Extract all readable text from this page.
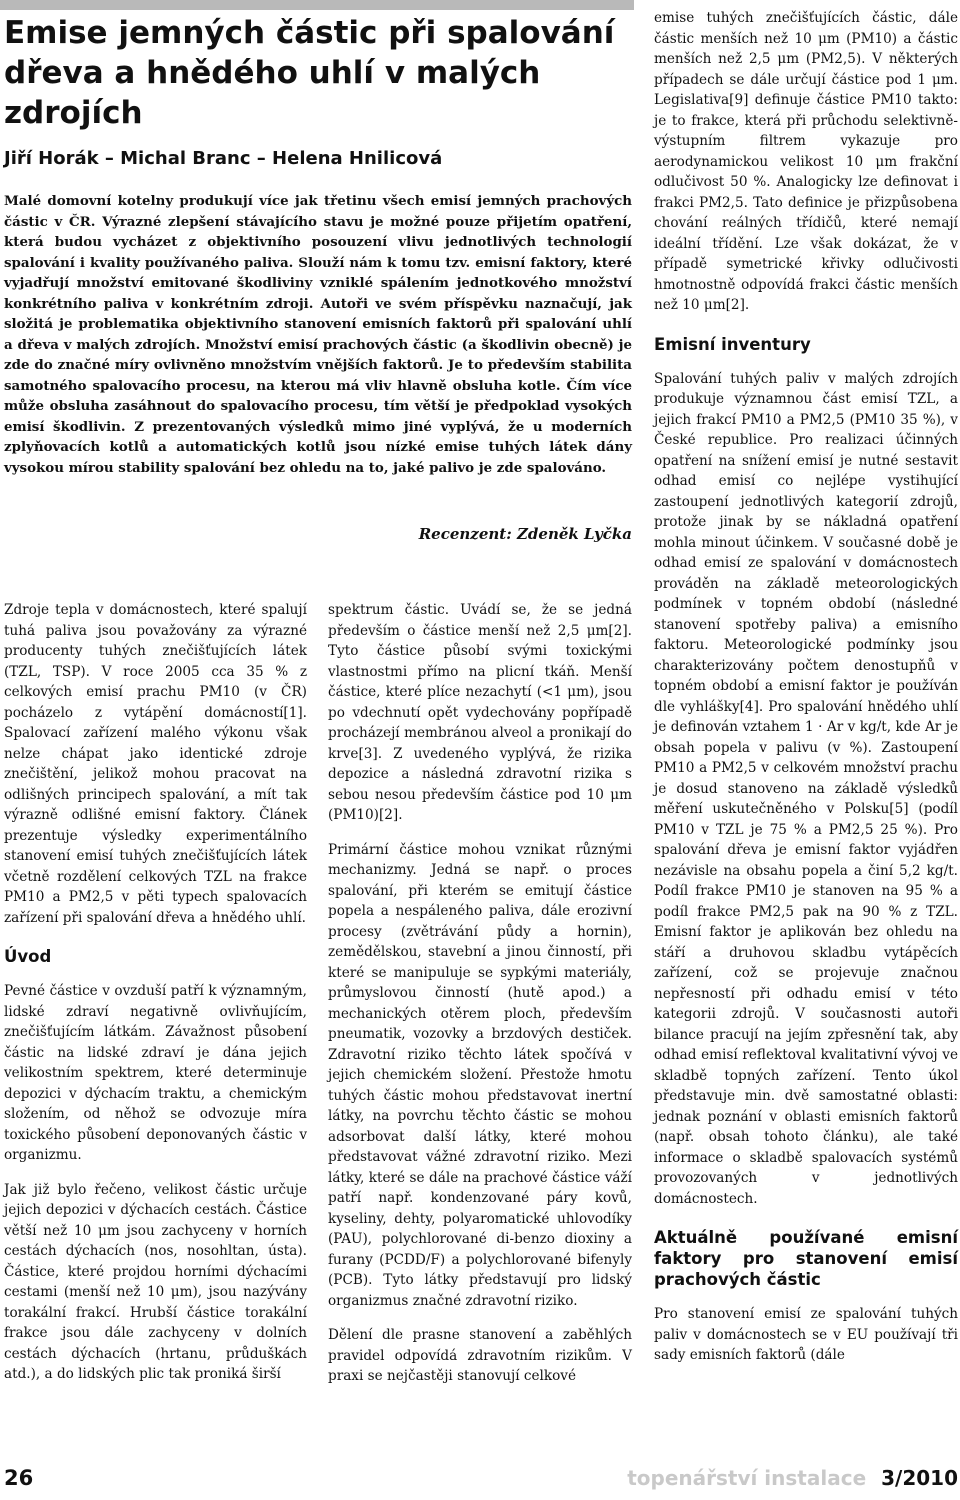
Emise jemných částic při spalování dřeva a hnědého uhlí v malých zdrojích
Jiří Horák – Michal Branc – Helena Hnilicová

Malé domovní kotelny produkují více jak třetinu všech emisí jemných prachových částic v ČR. Výrazné zlepšení stávajícího stavu je možné pouze přijetím opatření, která budou vycházet z objektivního posouzení vlivu jednotlivých technologií spalování i kvality používaného paliva. Slouží nám k tomu tzv. emisní faktory, které vyjadřují množství emitované škodliviny vzniklé spálením jednotkového množství konkrétního paliva v konkrétním zdroji. Autoři ve svém příspěvku naznačují, jak složitá je problematika objektivního stanovení emisních faktorů při spalování uhlí a dřeva v malých zdrojích. Množství emisí prachových částic (a škodlivin obecně) je zde do značné míry ovlivněno množstvím vnějších faktorů. Je to především stabilita samotného spalovacího procesu, na kterou má vliv hlavně obsluha kotle. Čím více může obsluha zasáhnout do spalovacího procesu, tím větší je předpoklad vysokých emisí škodlivin. Z prezentovaných výsledků mimo jiné vyplývá, že u moderních zplyňovacích kotlů a automatických kotlů jsou nízké emise tuhých látek dány vysokou mírou stability spalování bez ohledu na to, jaké palivo je zde spalováno.

Recenzent: Zdeněk Lyčka

Zdroje tepla v domácnostech, které spalují tuhá paliva jsou považovány za výrazné producenty tuhých znečišťujících látek (TZL, TSP). V roce 2005 cca 35 % z celkových emisí prachu PM10 (v ČR) pocházelo z vytápění domácností[1]. Spalovací zařízení malého výkonu však nelze chápat jako identické zdroje znečištění, jelikož mohou pracovat na odlišných principech spalování, a mít tak výrazně odlišné emisní faktory. Článek prezentuje výsledky experimentálního stanovení emisí tuhých znečišťujících látek včetně rozdělení celkových TZL na frakce PM10 a PM2,5 v pěti typech spalovacích zařízení při spalování dřeva a hnědého uhlí.

Úvod

Pevné částice v ovzduší patří k významným, lidské zdraví negativně ovlivňujícím, znečišťujícím látkám. Závažnost působení částic na lidské zdraví je dána jejich velikostním spektrem, které determinuje depozici v dýchacím traktu, a chemickým složením, od něhož se odvozuje míra toxického působení deponovaných částic v organizmu.

Jak již bylo řečeno, velikost částic určuje jejich depozici v dýchacích cestách. Částice větší než 10 μm jsou zachyceny v horních cestách dýchacích (nos, nosohltan, ústa). Částice, které projdou horními dýchacími cestami (menší než 10 μm), jsou nazývány torakální frakcí. Hrubší částice torakální frakce jsou dále zachyceny v dolních cestách dýchacích (hrtanu, průduškách atd.), a do lidských plic tak proniká širší

spektrum částic. Uvádí se, že se jedná především o částice menší než 2,5 μm[2]. Tyto částice působí svými toxickými vlastnostmi přímo na plicní tkáň. Menší částice, které plíce nezachytí (<1 μm), jsou po vdechnutí opět vydechovány popřípadě procházejí membránou alveol a pronikají do krve[3]. Z uvedeného vyplývá, že rizika depozice a následná zdravotní rizika s sebou nesou především částice pod 10 μm (PM10)[2].

Primární částice mohou vznikat různými mechanizmy. Jedná se např. o proces spalování, při kterém se emitují částice popela a nespáleného paliva, dále erozivní procesy (zvětrávání půdy a hornin), zemědělskou, stavební a jinou činností, při které se manipuluje se sypkými materiály, průmyslovou činností (hutě apod.) a mechanických otěrem ploch, především pneumatik, vozovky a brzdových destiček. Zdravotní riziko těchto látek spočívá v jejich chemickém složení. Přestože hmotu tuhých částic mohou představovat inertní látky, na povrchu těchto částic se mohou adsorbovat další látky, které mohou představovat vážné zdravotní riziko. Mezi látky, které se dále na prachové částice váží patří např. kondenzované páry kovů, kyseliny, dehty, polyaromatické uhlovodíky (PAU), polychlorované di-benzo dioxiny a furany (PCDD/F) a polychlorované bifenyly (PCB). Tyto látky představují pro lidský organizmus značné zdravotní riziko.

Dělení dle prasne stanovení a zaběhlých pravidel odpovídá zdravotním rizikům. V praxi se nejčastěji stanovují celkové

emise tuhých znečišťujících částic, dále částic menších než 10 μm (PM10) a částic menších než 2,5 μm (PM2,5). V některých případech se dále určují částice pod 1 μm. Legislativa[9] definuje částice PM10 takto: je to frakce, která při průchodu selektivně-výstupním filtrem vykazuje pro aerodynamickou velikost 10 μm frakční odlučivost 50 %. Analogicky lze definovat i frakci PM2,5. Tato definice je přizpůsobena chování reálných třídičů, které nemají ideální třídění. Lze však dokázat, že v případě symetrické křivky odlučivosti hmotnostně odpovídá frakci částic menších než 10 μm[2].

Emisní inventury

Spalování tuhých paliv v malých zdrojích produkuje významnou část emisí TZL, a jejich frakcí PM10 a PM2,5 (PM10 35 %), v České republice. Pro realizaci účinných opatření na snížení emisí je nutné sestavit odhad emisí co nejlépe vystihující zastoupení jednotlivých kategorií zdrojů, protože jinak by se nákladná opatření mohla minout účinkem. V současné době je odhad emisí ze spalování v domácnostech prováděn na základě meteorologických podmínek v topném období (následné stanovení spotřeby paliva) a emisního faktoru. Meteorologické podmínky jsou charakterizovány počtem denostupňů v topném období a emisní faktor je používán dle vyhlášky[4]. Pro spalování hnědého uhlí je definován vztahem 1 · Ar v kg/t, kde Ar je obsah popela v palivu (v %). Zastoupení PM10 a PM2,5 v celkovém množství prachu je dosud stanoveno na základě výsledků měření uskutečněného v Polsku[5] (podíl PM10 v TZL je 75 % a PM2,5 25 %). Pro spalování dřeva je emisní faktor vyjádřen nezávisle na obsahu popela a činí 5,2 kg/t. Podíl frakce PM10 je stanoven na 95 % a podíl frakce PM2,5 pak na 90 % z TZL. Emisní faktor je aplikován bez ohledu na stáří a druhovou skladbu vytápěcích zařízení, což se projevuje značnou nepřesností při odhadu emisí v této kategorii zdrojů. V současnosti autoři bilance pracují na jejím zpřesnění tak, aby odhad emisí reflektoval kvalitativní vývoj ve skladbě topných zařízení. Tento úkol představuje min. dvě samostatné oblasti: jednak poznání v oblasti emisních faktorů (např. obsah tohoto článku), ale také informace o skladbě spalovacích systémů provozovaných v jednotlivých domácnostech.

Aktuálně používané emisní faktory pro stanovení emisí prachových částic

Pro stanovení emisí ze spalování tuhých paliv v domácnostech se v EU používají tři sady emisních faktorů (dále

26	topenářství instalace 3/2010
